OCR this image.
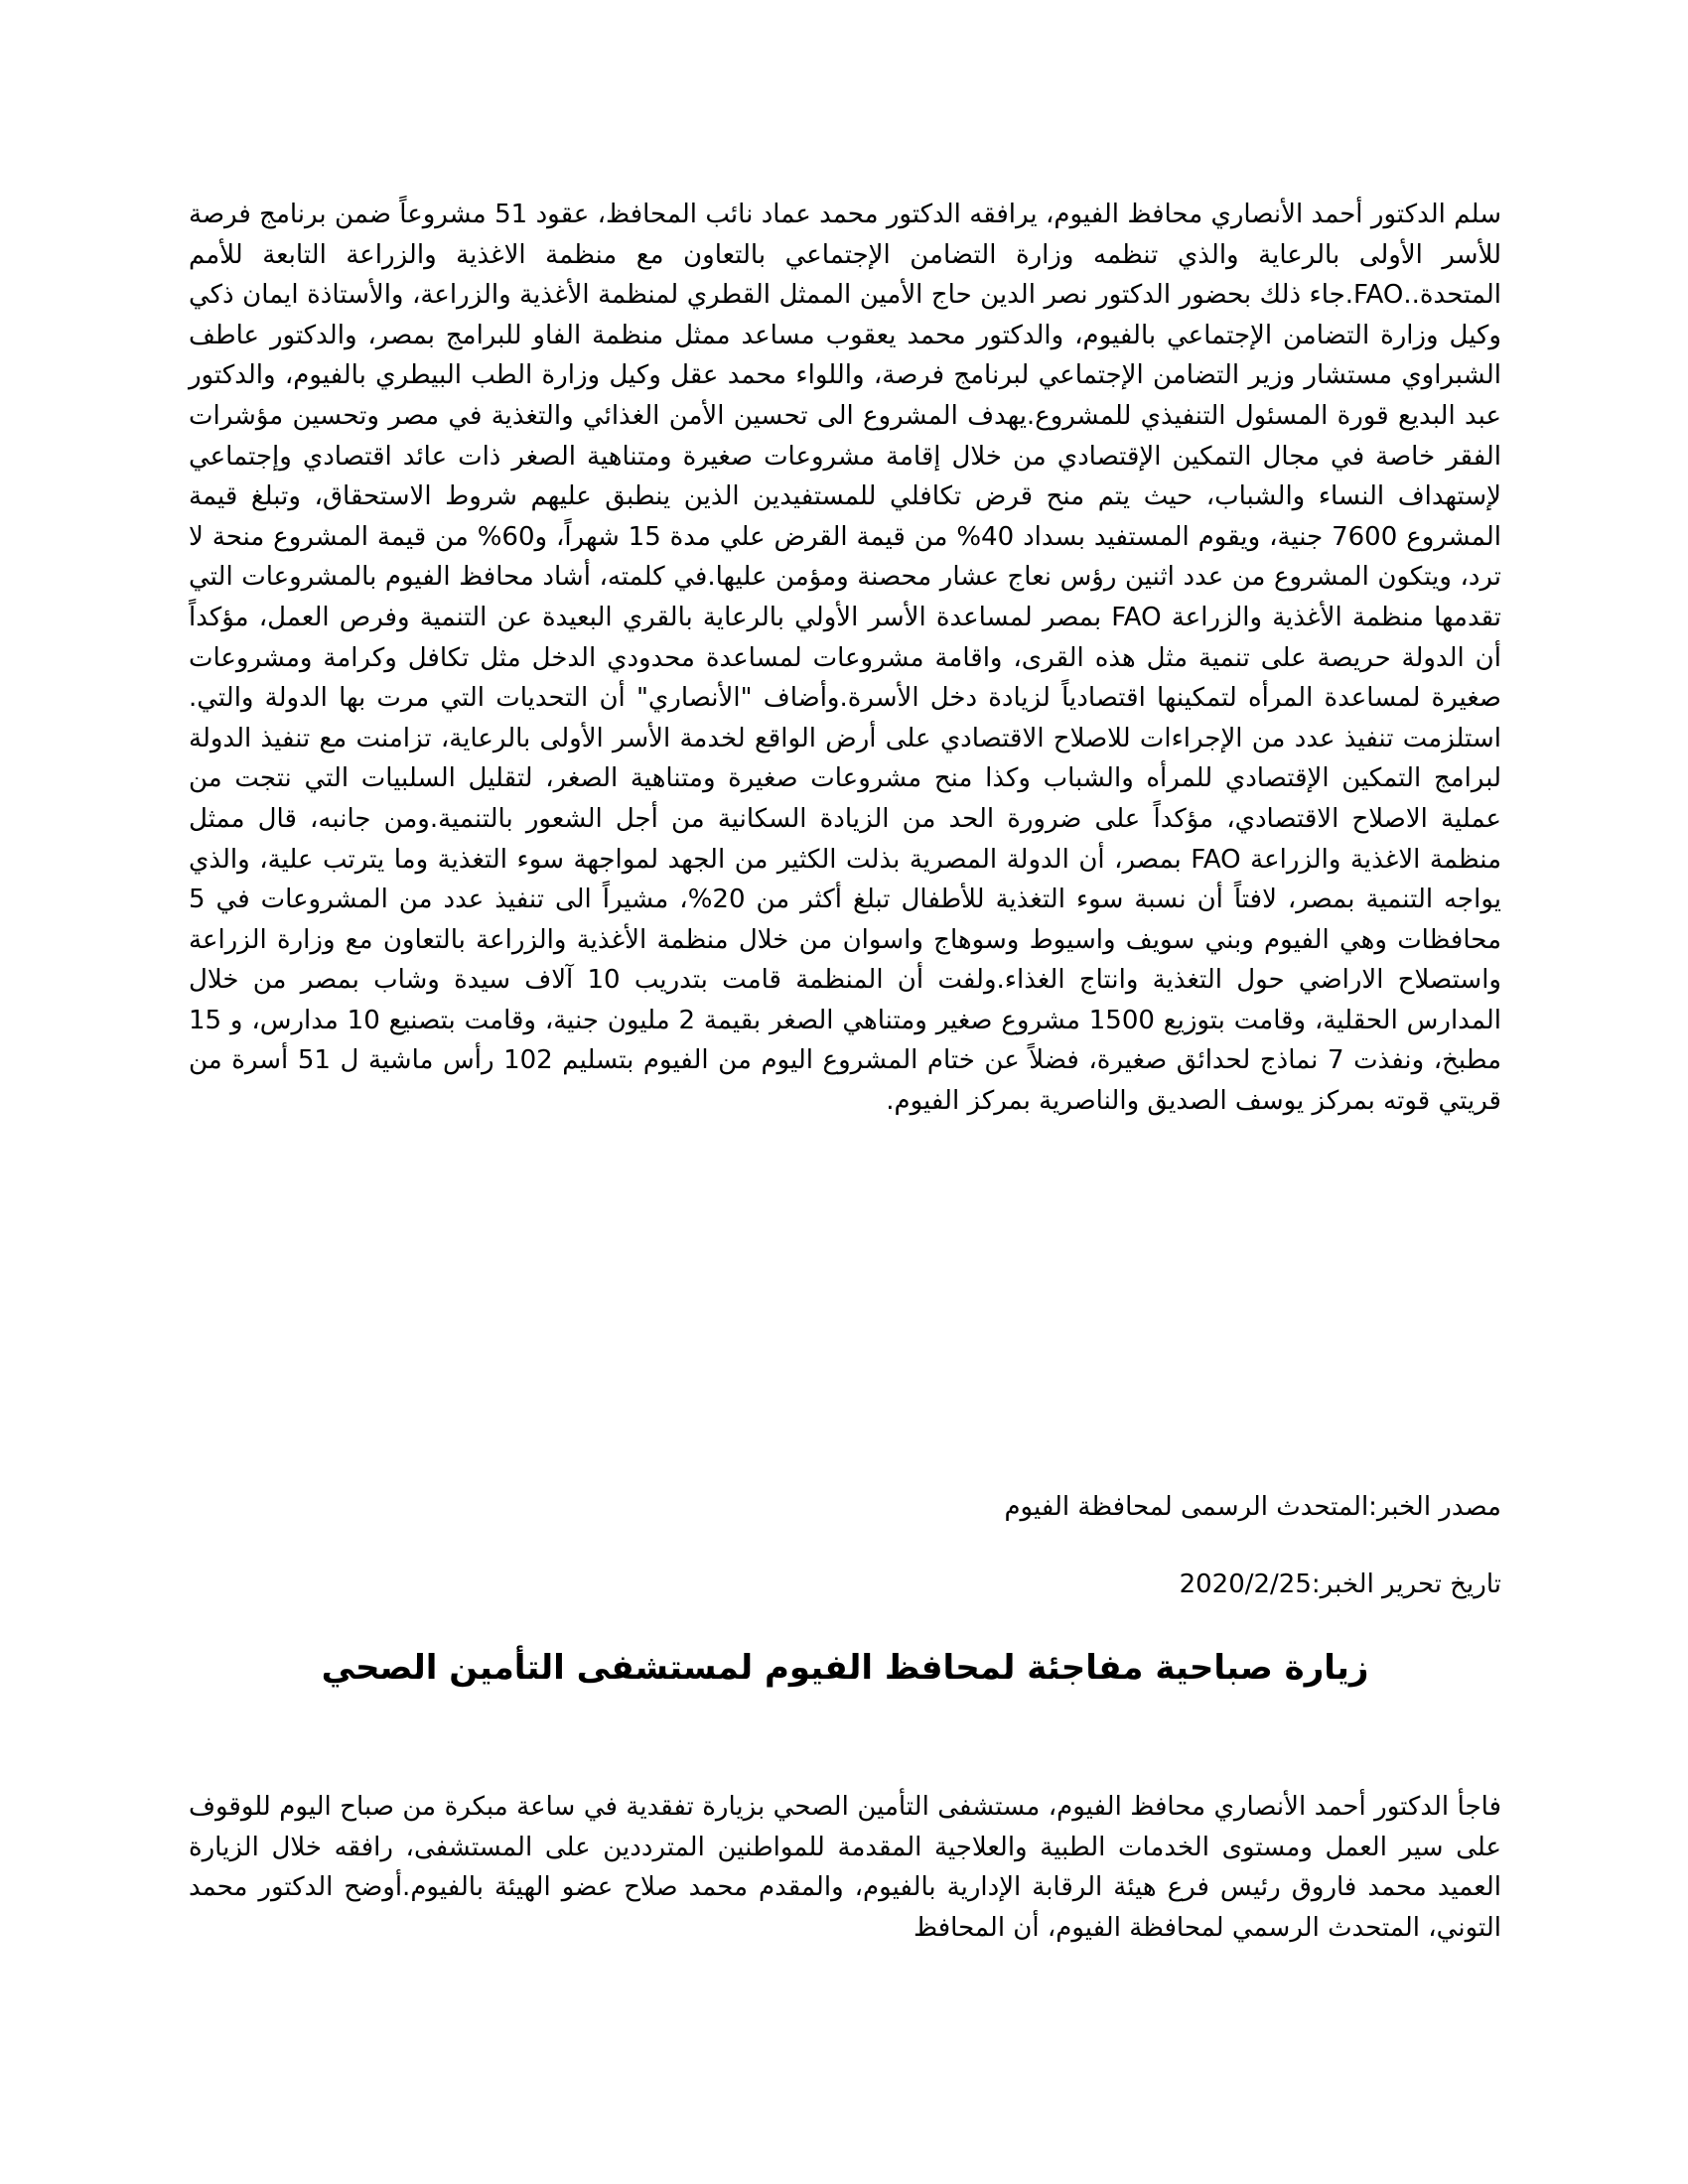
سلم الدكتور أحمد الأنصاري محافظ الفيوم، يرافقه الدكتور محمد عماد نائب المحافظ، عقود 51 مشروعاً ضمن برنامج فرصة للأسر الأولى بالرعاية والذي تنظمه وزارة التضامن الإجتماعي بالتعاون مع منظمة الاغذية والزراعة التابعة للأمم المتحدة..FAO.جاء ذلك بحضور الدكتور نصر الدين حاج الأمين الممثل القطري لمنظمة الأغذية والزراعة، والأستاذة ايمان ذكي وكيل وزارة التضامن الإجتماعي بالفيوم، والدكتور محمد يعقوب مساعد ممثل منظمة الفاو للبرامج بمصر، والدكتور عاطف الشبراوي مستشار وزير التضامن الإجتماعي لبرنامج فرصة، واللواء محمد عقل وكيل وزارة الطب البيطري بالفيوم، والدكتور عبد البديع قورة المسئول التنفيذي للمشروع.يهدف المشروع الى تحسين الأمن الغذائي والتغذية في مصر وتحسين مؤشرات الفقر خاصة في مجال التمكين الإقتصادي من خلال إقامة مشروعات صغيرة ومتناهية الصغر ذات عائد اقتصادي وإجتماعي لإستهداف النساء والشباب، حيث يتم منح قرض تكافلي للمستفيدين الذين ينطبق عليهم شروط الاستحقاق، وتبلغ قيمة المشروع 7600 جنية، ويقوم المستفيد بسداد 40% من قيمة القرض علي مدة 15 شهراً، و60% من قيمة المشروع منحة لا ترد، ويتكون المشروع من عدد اثنين رؤس نعاج عشار محصنة ومؤمن عليها.في كلمته، أشاد محافظ الفيوم بالمشروعات التي تقدمها منظمة الأغذية والزراعة FAO بمصر لمساعدة الأسر الأولي بالرعاية بالقري البعيدة عن التنمية وفرص العمل، مؤكداً أن الدولة حريصة على تنمية مثل هذه القرى، واقامة مشروعات لمساعدة محدودي الدخل مثل تكافل وكرامة ومشروعات صغيرة لمساعدة المرأه لتمكينها اقتصادياً لزيادة دخل الأسرة.وأضاف "الأنصاري" أن التحديات التي مرت بها الدولة والتي. استلزمت تنفيذ عدد من الإجراءات للاصلاح الاقتصادي على أرض الواقع لخدمة الأسر الأولى بالرعاية، تزامنت مع تنفيذ الدولة لبرامج التمكين الإقتصادي للمرأه والشباب وكذا منح مشروعات صغيرة ومتناهية الصغر، لتقليل السلبيات التي نتجت من عملية الاصلاح الاقتصادي، مؤكداً على ضرورة الحد من الزيادة السكانية من أجل الشعور بالتنمية.ومن جانبه، قال ممثل منظمة الاغذية والزراعة FAO بمصر، أن الدولة المصرية بذلت الكثير من الجهد لمواجهة سوء التغذية وما يترتب علية، والذي يواجه التنمية بمصر، لافتاً أن نسبة سوء التغذية للأطفال تبلغ أكثر من 20%، مشيراً الى تنفيذ عدد من المشروعات في 5 محافظات وهي الفيوم وبني سويف واسيوط وسوهاج واسوان من خلال منظمة الأغذية والزراعة بالتعاون مع وزارة الزراعة واستصلاح الاراضي حول التغذية وانتاج الغذاء.ولفت أن المنظمة قامت بتدريب 10 آلاف سيدة وشاب بمصر من خلال المدارس الحقلية، وقامت بتوزيع 1500 مشروع صغير ومتناهي الصغر بقيمة 2 مليون جنية، وقامت بتصنيع 10 مدارس، و 15 مطبخ، ونفذت 7 نماذج لحدائق صغيرة، فضلاً عن ختام المشروع اليوم من الفيوم بتسليم 102 رأس ماشية ل 51 أسرة من قريتي قوته بمركز يوسف الصديق والناصرية بمركز الفيوم.

مصدر الخبر:المتحدث الرسمى لمحافظة الفيوم

تاريخ تحرير الخبر:2020/2/25

زيارة صباحية مفاجئة لمحافظ الفيوم لمستشفى التأمين الصحي

فاجأ الدكتور أحمد الأنصاري محافظ الفيوم، مستشفى التأمين الصحي بزيارة تفقدية في ساعة مبكرة من صباح اليوم للوقوف على سير العمل ومستوى الخدمات الطبية والعلاجية المقدمة للمواطنين المترددين على المستشفى، رافقه خلال الزيارة العميد محمد فاروق رئيس فرع هيئة الرقابة الإدارية بالفيوم، والمقدم محمد صلاح عضو الهيئة بالفيوم.أوضح الدكتور محمد التوني، المتحدث الرسمي لمحافظة الفيوم، أن المحافظ
